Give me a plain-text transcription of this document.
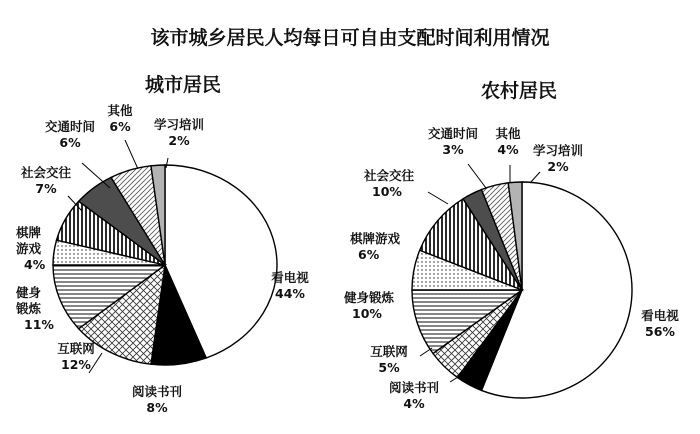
该市城乡居民人均每日可自由支配时间利用情况
城市居民
看电视 44%
阅读书刊 8%
互联网 12%
健身锻炼 11%
棋牌游戏 4%
社会交往 7%
交通时间 6%
其他 6% 学习培训 2%
农村居民
看电视 56%
阅读书刊 4%
互联网 5%
健身锻炼 10%
棋牌游戏 6%
社会交往 10%
交通时间 3%
其他 4% 学习培训 2%
